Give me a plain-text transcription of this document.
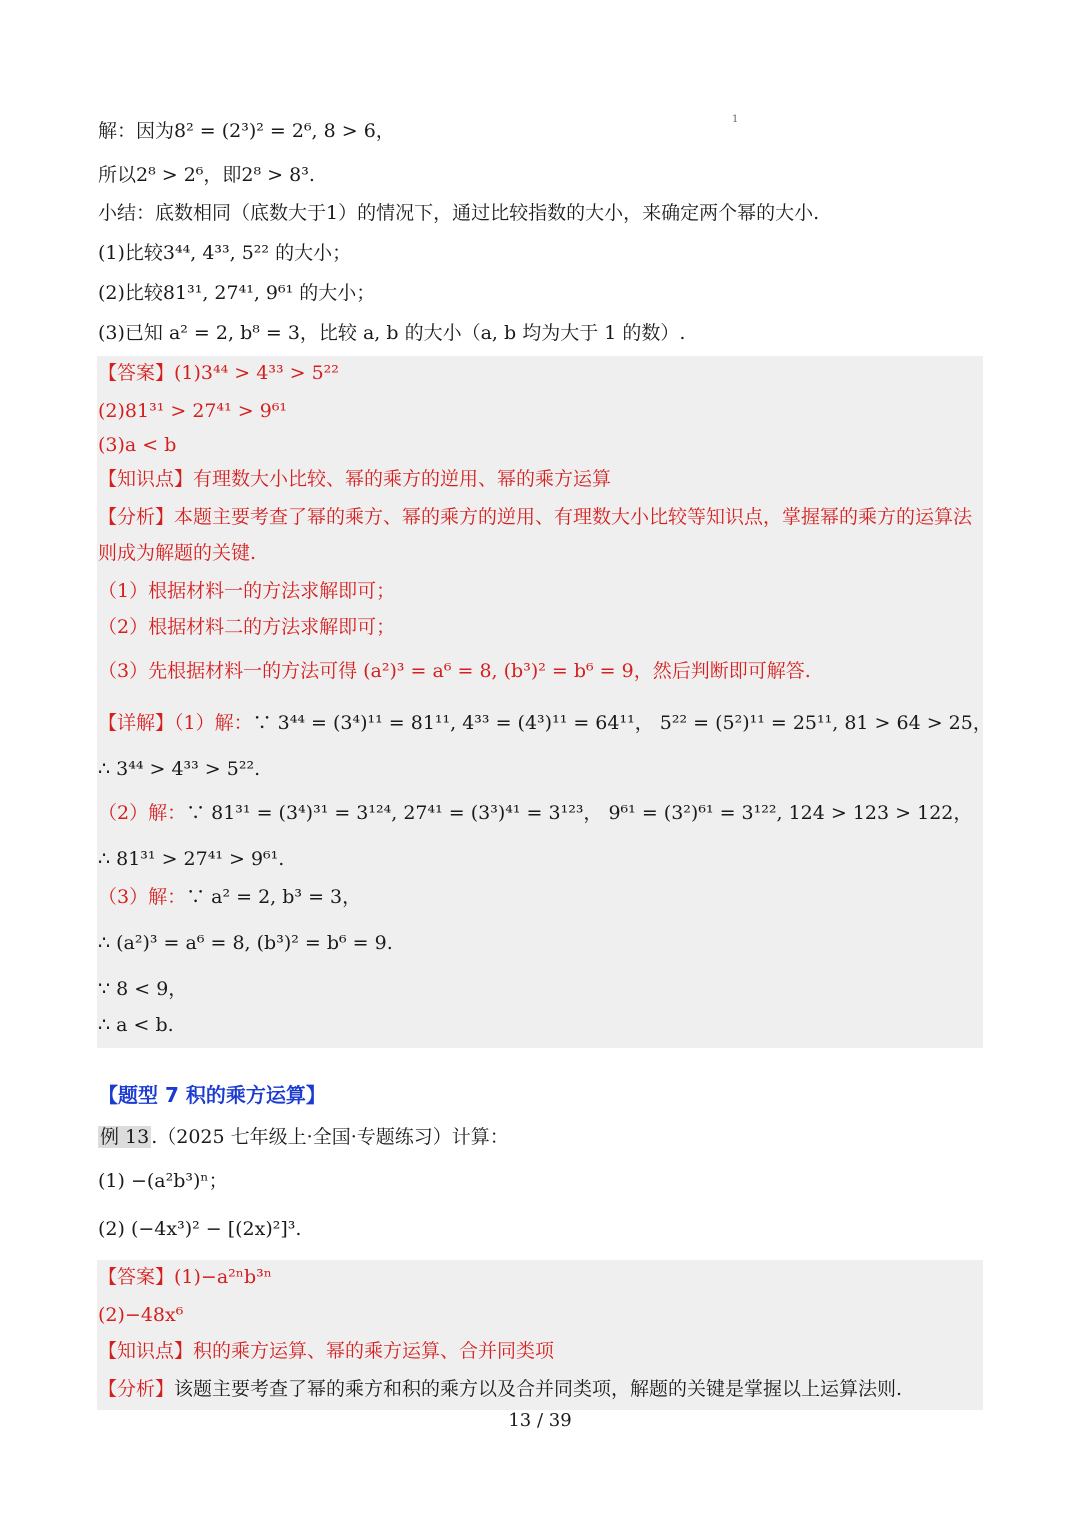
1
解：因为8² = (2³)² = 2⁶, 8 > 6，
所以2⁸ > 2⁶，即2⁸ > 8³.
小结：底数相同（底数大于1）的情况下，通过比较指数的大小，来确定两个幂的大小.
(1)比较3⁴⁴, 4³³, 5²² 的大小；
(2)比较81³¹, 27⁴¹, 9⁶¹ 的大小；
(3)已知 a² = 2, b⁸ = 3，比较 a, b 的大小（a, b 均为大于 1 的数）.
【答案】(1)3⁴⁴ > 4³³ > 5²²
(2)81³¹ > 27⁴¹ > 9⁶¹
(3)a < b
【知识点】有理数大小比较、幂的乘方的逆用、幂的乘方运算
【分析】本题主要考查了幂的乘方、幂的乘方的逆用、有理数大小比较等知识点，掌握幂的乘方的运算法
则成为解题的关键.
（1）根据材料一的方法求解即可；
（2）根据材料二的方法求解即可；
（3）先根据材料一的方法可得 (a²)³ = a⁶ = 8, (b³)² = b⁶ = 9，然后判断即可解答.
【详解】（1）解：∵ 3⁴⁴ = (3⁴)¹¹ = 81¹¹, 4³³ = (4³)¹¹ = 64¹¹， 5²² = (5²)¹¹ = 25¹¹, 81 > 64 > 25，
∴ 3⁴⁴ > 4³³ > 5²².
（2）解：∵ 81³¹ = (3⁴)³¹ = 3¹²⁴, 27⁴¹ = (3³)⁴¹ = 3¹²³， 9⁶¹ = (3²)⁶¹ = 3¹²², 124 > 123 > 122，
∴ 81³¹ > 27⁴¹ > 9⁶¹.
（3）解：∵ a² = 2, b³ = 3，
∴ (a²)³ = a⁶ = 8, (b³)² = b⁶ = 9.
∵ 8 < 9，
∴ a < b.
【题型 7 积的乘方运算】
例 13 .（2025 七年级上·全国·专题练习）计算：
(1) −(a²b³)ⁿ；
(2) (−4x³)² − [(2x)²]³.
【答案】(1)−a²ⁿb³ⁿ
(2)−48x⁶
【知识点】积的乘方运算、幂的乘方运算、合并同类项
【分析】该题主要考查了幂的乘方和积的乘方以及合并同类项，解题的关键是掌握以上运算法则.
13 / 39
